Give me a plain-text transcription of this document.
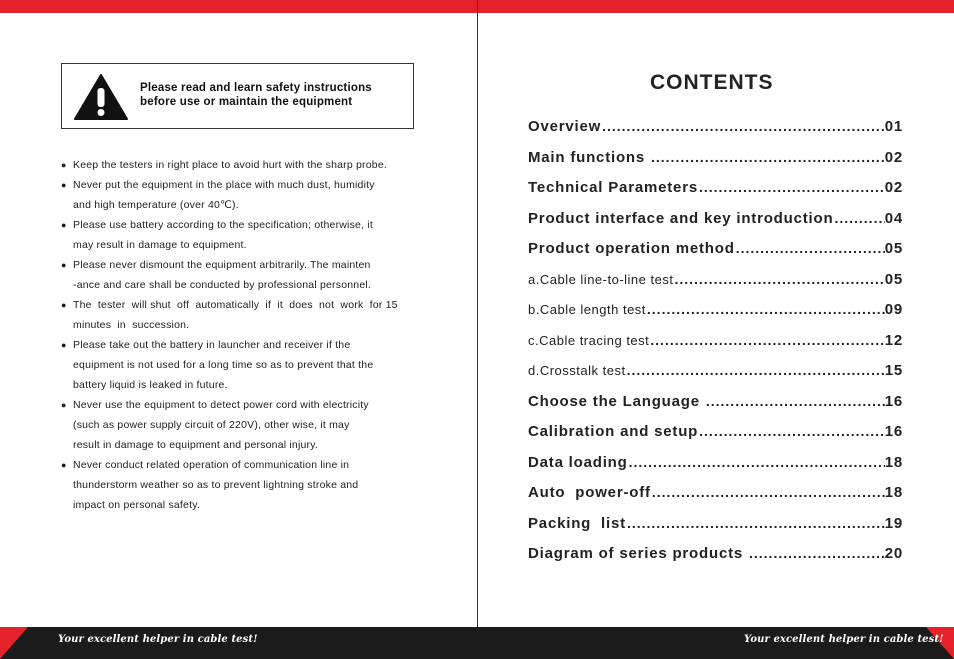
Please read and learn safety instructions
before use or maintain the equipment
● Keep the testers in right place to avoid hurt with the sharp probe.
● Never put the equipment in the place with much dust, humidity
and high temperature (over 40℃).
● Please use battery according to the specification; otherwise, it
may result in damage to equipment.
● Please never dismount the equipment arbitrarily. The mainten
-ance and care shall be conducted by professional personnel.
● The  tester  will shut  off  automatically  if  it  does  not  work  for 15
minutes  in  succession.
● Please take out the battery in launcher and receiver if the
equipment is not used for a long time so as to prevent that the
battery liquid is leaked in future.
● Never use the equipment to detect power cord with electricity
(such as power supply circuit of 220V), other wise, it may
result in damage to equipment and personal injury.
● Never conduct related operation of communication line in
thunderstorm weather so as to prevent lightning stroke and
impact on personal safety.
CONTENTS
Overview .....	01
Main functions .....	02
Technical Parameters .....	02
Product interface and key introduction .....	04
Product operation method .....	05
a.Cable line-to-line test .....	05
b.Cable length test .....	09
c.Cable tracing test .....	12
d.Crosstalk test .....	15
Choose the Language .....	16
Calibration and setup .....	16
Data loading .....	18
Auto  power-off .....	18
Packing  list .....	19
Diagram of series products .....	20
Your excellent helper in cable test!	Your excellent helper in cable test!
